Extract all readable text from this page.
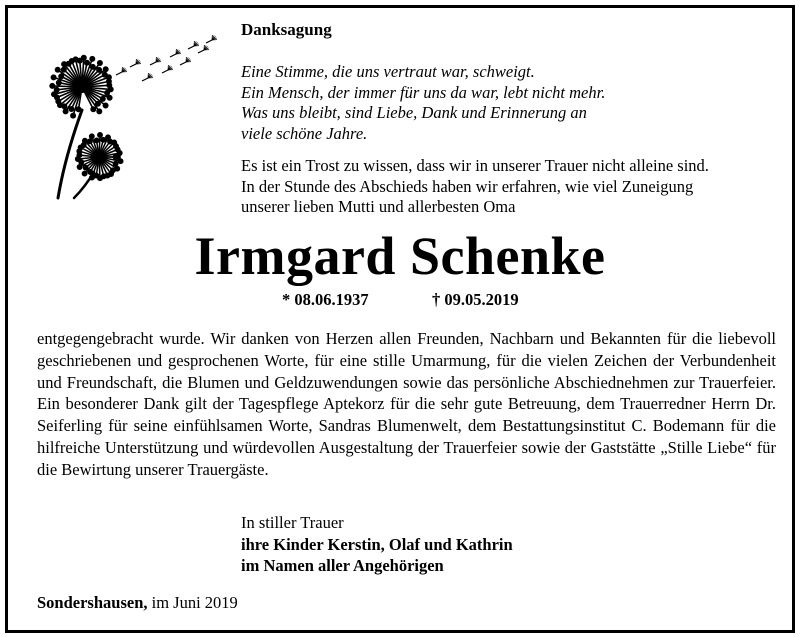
Danksagung
Eine Stimme, die uns vertraut war, schweigt.
Ein Mensch, der immer für uns da war, lebt nicht mehr.
Was uns bleibt, sind Liebe, Dank und Erinnerung an
viele schöne Jahre.
Es ist ein Trost zu wissen, dass wir in unserer Trauer nicht alleine sind.
In der Stunde des Abschieds haben wir erfahren, wie viel Zuneigung
unserer lieben Mutti und allerbesten Oma
Irmgard Schenke
* 08.06.1937	† 09.05.2019
entgegengebracht wurde. Wir danken von Herzen allen Freunden, Nachbarn und Bekannten für die liebevoll geschriebenen und gesprochenen Worte, für eine stille Umarmung, für die vielen Zeichen der Verbundenheit und Freundschaft, die Blumen und Geldzuwendungen sowie das persönliche Abschiednehmen zur Trauerfeier. Ein besonderer Dank gilt der Tagespflege Aptekorz für die sehr gute Betreuung, dem Trauerredner Herrn Dr. Seiferling für seine einfühlsamen Worte, Sandras Blumenwelt, dem Bestattungsinstitut C. Bodemann für die hilfreiche Unterstützung und würdevollen Ausgestaltung der Trauerfeier sowie der Gaststätte „Stille Liebe“ für die Bewirtung unserer Trauergäste.
In stiller Trauer
ihre Kinder Kerstin, Olaf und Kathrin
im Namen aller Angehörigen
Sondershausen, im Juni 2019
